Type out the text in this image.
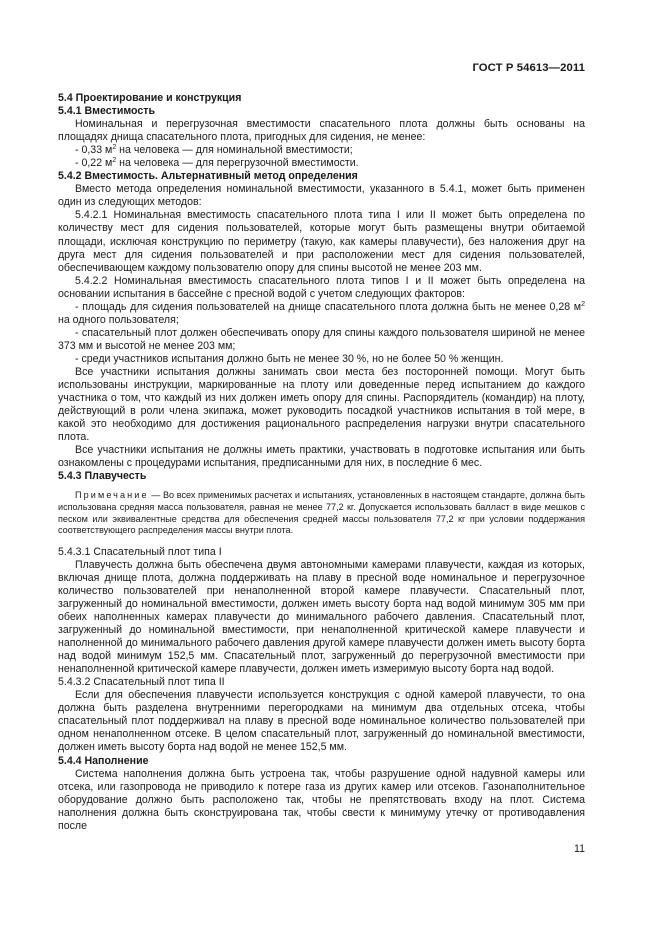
ГОСТ Р 54613—2011

5.4 Проектирование и конструкция

5.4.1 Вместимость

Номинальная и перегрузочная вместимости спасательного плота должны быть основаны на площадях днища спасательного плота, пригодных для сидения, не менее:

- 0,33 $м^2$ на человека — для номинальной вместимости;

- 0,22 $м^2$ на человека — для перегрузочной вместимости.

5.4.2 Вместимость. Альтернативный метод определения

Вместо метода определения номинальной вместимости, указанного в 5.4.1, может быть применен один из следующих методов:

5.4.2.1 Номинальная вместимость спасательного плота типа I или II может быть определена по количеству мест для сидения пользователей, которые могут быть размещены внутри обитаемой площади, исключая конструкцию по периметру (такую, как камеры плавучести), без наложения друг на друга мест для сидения пользователей и при расположении мест для сидения пользователей, обеспечивающем каждому пользователю опору для спины высотой не менее 203 мм.

5.4.2.2 Номинальная вместимость спасательного плота типов I и II может быть определена на основании испытания в бассейне с пресной водой с учетом следующих факторов:

- площадь для сидения пользователей на днище спасательного плота должна быть не менее 0,28 $м^2$ на одного пользователя;

- спасательный плот должен обеспечивать опору для спины каждого пользователя шириной не менее 373 мм и высотой не менее 203 мм;

- среди участников испытания должно быть не менее 30 %, но не более 50 % женщин.

Все участники испытания должны занимать свои места без посторонней помощи. Могут быть использованы инструкции, маркированные на плоту или доведенные перед испытанием до каждого участника о том, что каждый из них должен иметь опору для спины. Распорядитель (командир) на плоту, действующий в роли члена экипажа, может руководить посадкой участников испытания в той мере, в какой это необходимо для достижения рационального распределения нагрузки внутри спасательного плота.

Все участники испытания не должны иметь практики, участвовать в подготовке испытания или быть ознакомлены с процедурами испытания, предписанными для них, в последние 6 мес.

5.4.3 Плавучесть

Примечание — Во всех применимых расчетах и испытаниях, установленных в настоящем стандарте, должна быть использована средняя масса пользователя, равная не менее 77,2 кг. Допускается использовать балласт в виде мешков с песком или эквивалентные средства для обеспечения средней массы пользователя 77,2 кг при условии поддержания соответствующего распределения массы внутри плота.

5.4.3.1 Спасательный плот типа I

Плавучесть должна быть обеспечена двумя автономными камерами плавучести, каждая из которых, включая днище плота, должна поддерживать на плаву в пресной воде номинальное и перегрузочное количество пользователей при ненаполненной второй камере плавучести. Спасательный плот, загруженный до номинальной вместимости, должен иметь высоту борта над водой минимум 305 мм при обеих наполненных камерах плавучести до минимального рабочего давления. Спасательный плот, загруженный до номинальной вместимости, при ненаполненной критической камере плавучести и наполненной до минимального рабочего давления другой камере плавучести должен иметь высоту борта над водой минимум 152,5 мм. Спасательный плот, загруженный до перегрузочной вместимости при ненаполненной критической камере плавучести, должен иметь измеримую высоту борта над водой.

5.4.3.2 Спасательный плот типа II

Если для обеспечения плавучести используется конструкция с одной камерой плавучести, то она должна быть разделена внутренними перегородками на минимум два отдельных отсека, чтобы спасательный плот поддерживал на плаву в пресной воде номинальное количество пользователей при одном ненаполненном отсеке. В целом спасательный плот, загруженный до номинальной вместимости, должен иметь высоту борта над водой не менее 152,5 мм.

5.4.4 Наполнение

Система наполнения должна быть устроена так, чтобы разрушение одной надувной камеры или отсека, или газопровода не приводило к потере газа из других камер или отсеков. Газонаполнительное оборудование должно быть расположено так, чтобы не препятствовать входу на плот. Система наполнения должна быть сконструирована так, чтобы свести к минимуму утечку от противодавления после

11
